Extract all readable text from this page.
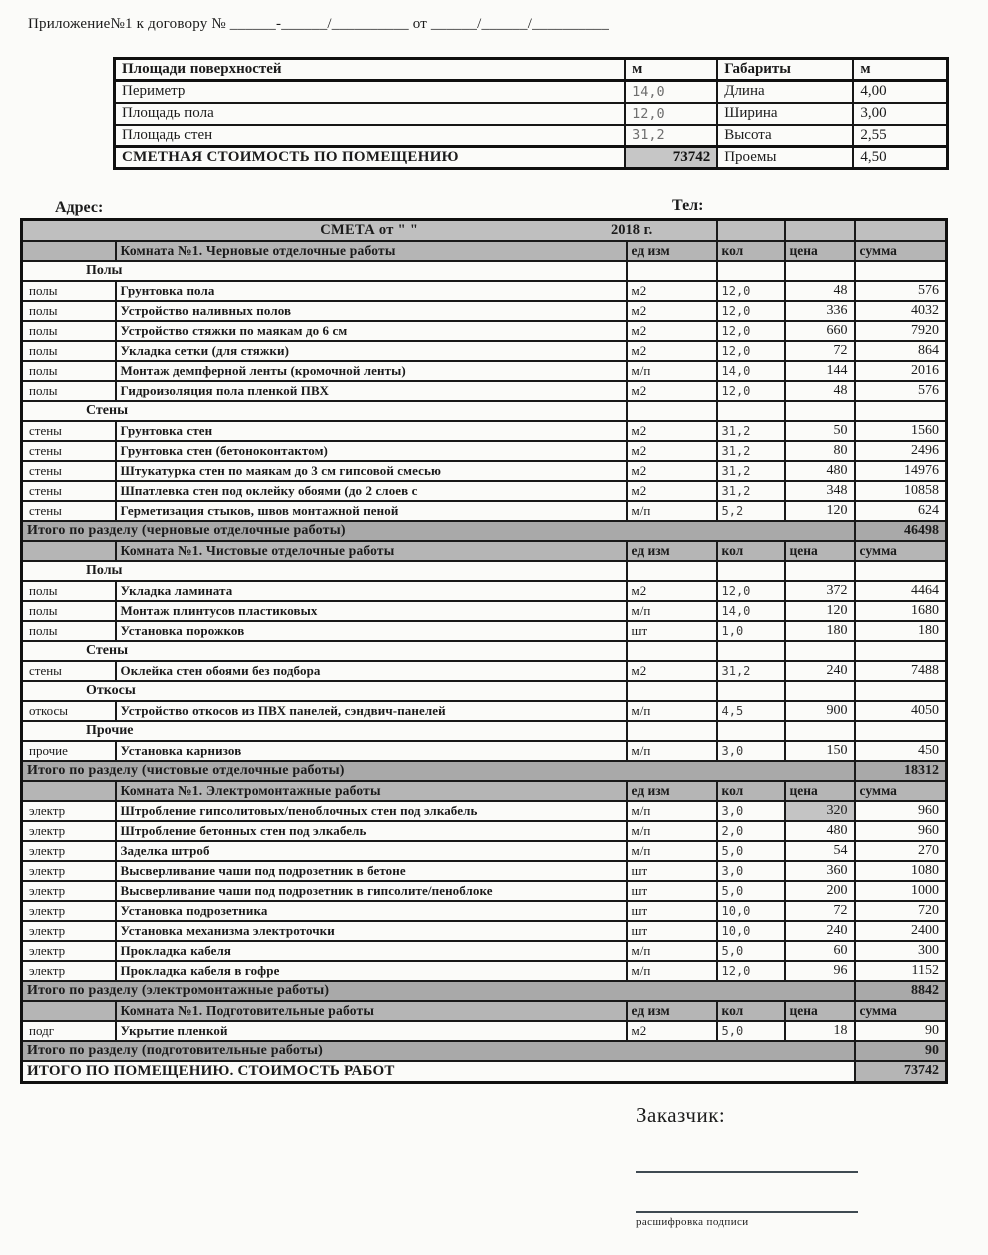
Приложение№1 к договору № ______-______/__________ от ______/______/__________
Площади поверхностей	м	Габариты	м
Периметр	14,0	Длина	4,00
Площадь пола	12,0	Ширина	3,00
Площадь стен	31,2	Высота	2,55
СМЕТНАЯ СТОИМОСТЬ ПО ПОМЕЩЕНИЮ	73742	Проемы	4,50
Адрес:	Тел:
СМЕТА от " " 2018 г.					

	Комната №1. Черновые отделочные работы	ед изм	кол	цена	сумма
Полы					
полы	Грунтовка пола	м2	12,0	48	576
полы	Устройство наливных полов	м2	12,0	336	4032
полы	Устройство стяжки по маякам до 6 см	м2	12,0	660	7920
полы	Укладка сетки (для стяжки)	м2	12,0	72	864
полы	Монтаж демпферной ленты (кромочной ленты)	м/п	14,0	144	2016
полы	Гидроизоляция пола пленкой ПВХ	м2	12,0	48	576
Стены					
стены	Грунтовка стен	м2	31,2	50	1560
стены	Грунтовка стен (бетоноконтактом)	м2	31,2	80	2496
стены	Штукатурка стен по маякам до 3 см гипсовой смесью	м2	31,2	480	14976
стены	Шпатлевка стен под оклейку обоями (до 2 слоев с	м2	31,2	348	10858
стены	Герметизация стыков, швов монтажной пеной	м/п	5,2	120	624
Итого по разделу (черновые отделочные работы)					46498
	Комната №1. Чистовые отделочные работы	ед изм	кол	цена	сумма
Полы					
полы	Укладка ламината	м2	12,0	372	4464
полы	Монтаж плинтусов пластиковых	м/п	14,0	120	1680
полы	Установка порожков	шт	1,0	180	180
Стены					
стены	Оклейка стен обоями без подбора	м2	31,2	240	7488
Откосы					
откосы	Устройство откосов из ПВХ панелей, сэндвич-панелей	м/п	4,5	900	4050
Прочие					
прочие	Установка карнизов	м/п	3,0	150	450
Итого по разделу (чистовые отделочные работы)					18312
	Комната №1. Электромонтажные работы	ед изм	кол	цена	сумма
электр	Штробление гипсолитовых/пеноблочных стен под элкабель	м/п	3,0	320	960
электр	Штробление бетонных стен под элкабель	м/п	2,0	480	960
электр	Заделка штроб	м/п	5,0	54	270
электр	Высверливание чаши под подрозетник в бетоне	шт	3,0	360	1080
электр	Высверливание чаши под подрозетник в гипсолите/пеноблоке	шт	5,0	200	1000
электр	Установка подрозетника	шт	10,0	72	720
электр	Установка механизма электроточки	шт	10,0	240	2400
электр	Прокладка кабеля	м/п	5,0	60	300
электр	Прокладка кабеля в гофре	м/п	12,0	96	1152
Итого по разделу (электромонтажные работы)					8842
	Комната №1. Подготовительные работы	ед изм	кол	цена	сумма
подг	Укрытие пленкой	м2	5,0	18	90
Итого по разделу (подготовительные работы)					90
ИТОГО ПО ПОМЕЩЕНИЮ. СТОИМОСТЬ РАБОТ					73742
Заказчик:
расшифровка подписи
